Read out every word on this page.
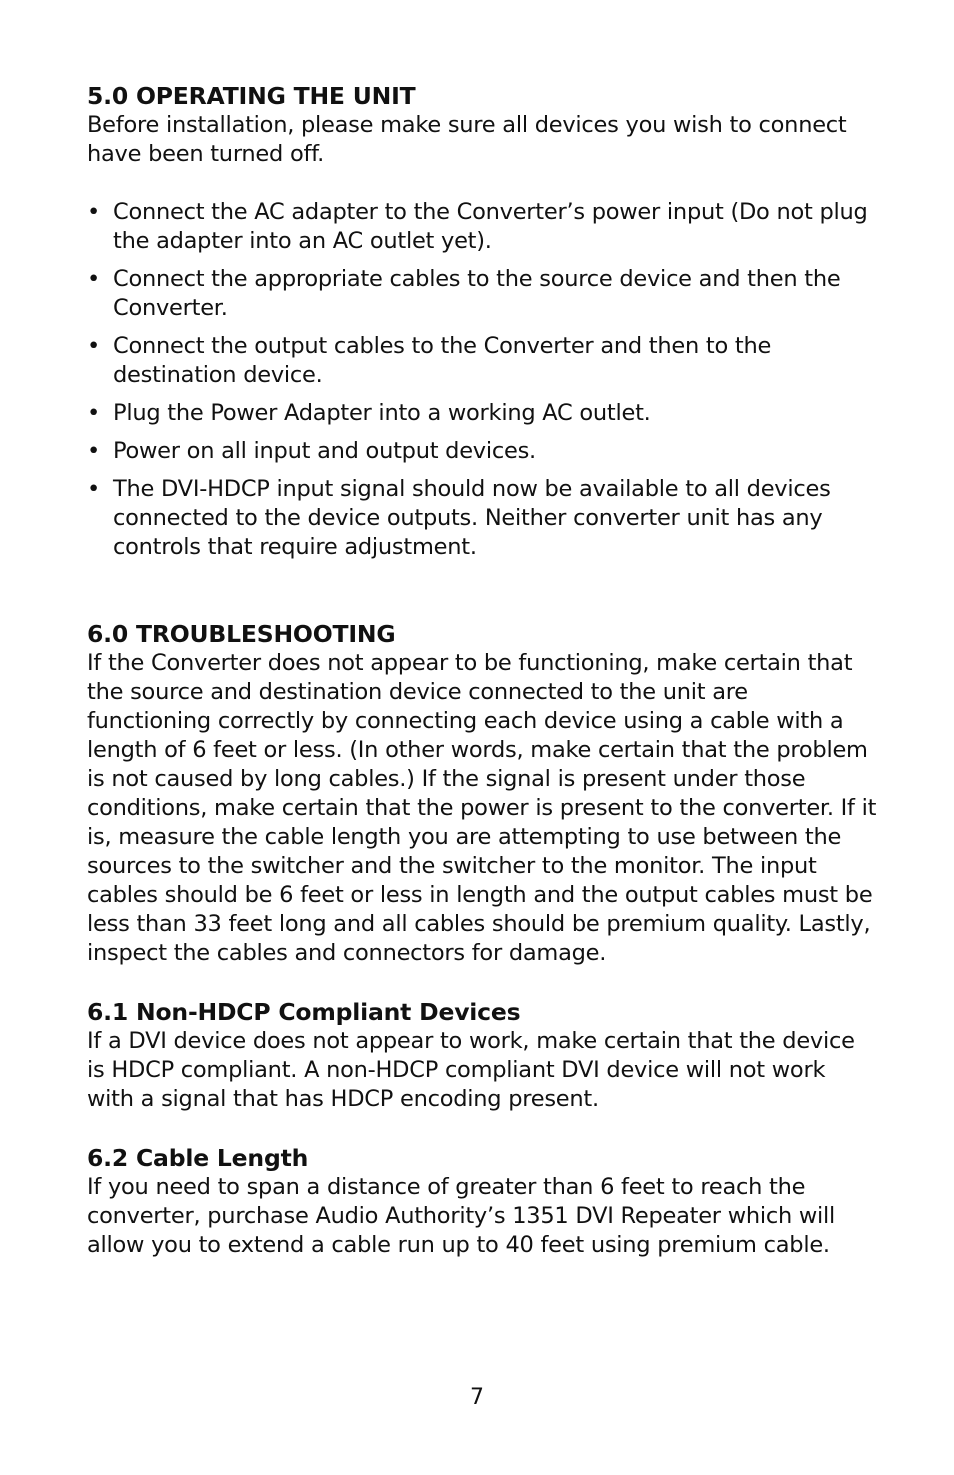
5.0 OPERATING THE UNIT

Before installation, please make sure all devices you wish to connect have been turned off.

• Connect the AC adapter to the Converter’s power input (Do not plug the adapter into an AC outlet yet).
• Connect the appropriate cables to the source device and then the Converter.
• Connect the output cables to the Converter and then to the destination device.
• Plug the Power Adapter into a working AC outlet.
• Power on all input and output devices.
• The DVI-HDCP input signal should now be available to all devices connected to the device outputs. Neither converter unit has any controls that require adjustment.
6.0 TROUBLESHOOTING

If the Converter does not appear to be functioning, make certain that the source and destination device connected to the unit are functioning correctly by connecting each device using a cable with a length of 6 feet or less. (In other words, make certain that the problem is not caused by long cables.) If the signal is present under those conditions, make certain that the power is present to the converter. If it is, measure the cable length you are attempting to use between the sources to the switcher and the switcher to the monitor. The input cables should be 6 feet or less in length and the output cables must be less than 33 feet long and all cables should be premium quality. Lastly, inspect the cables and connectors for damage.

6.1 Non-HDCP Compliant Devices

If a DVI device does not appear to work, make certain that the device is HDCP compliant. A non-HDCP compliant DVI device will not work with a signal that has HDCP encoding present.

6.2 Cable Length

If you need to span a distance of greater than 6 feet to reach the converter, purchase Audio Authority’s 1351 DVI Repeater which will allow you to extend a cable run up to 40 feet using premium cable.

7
